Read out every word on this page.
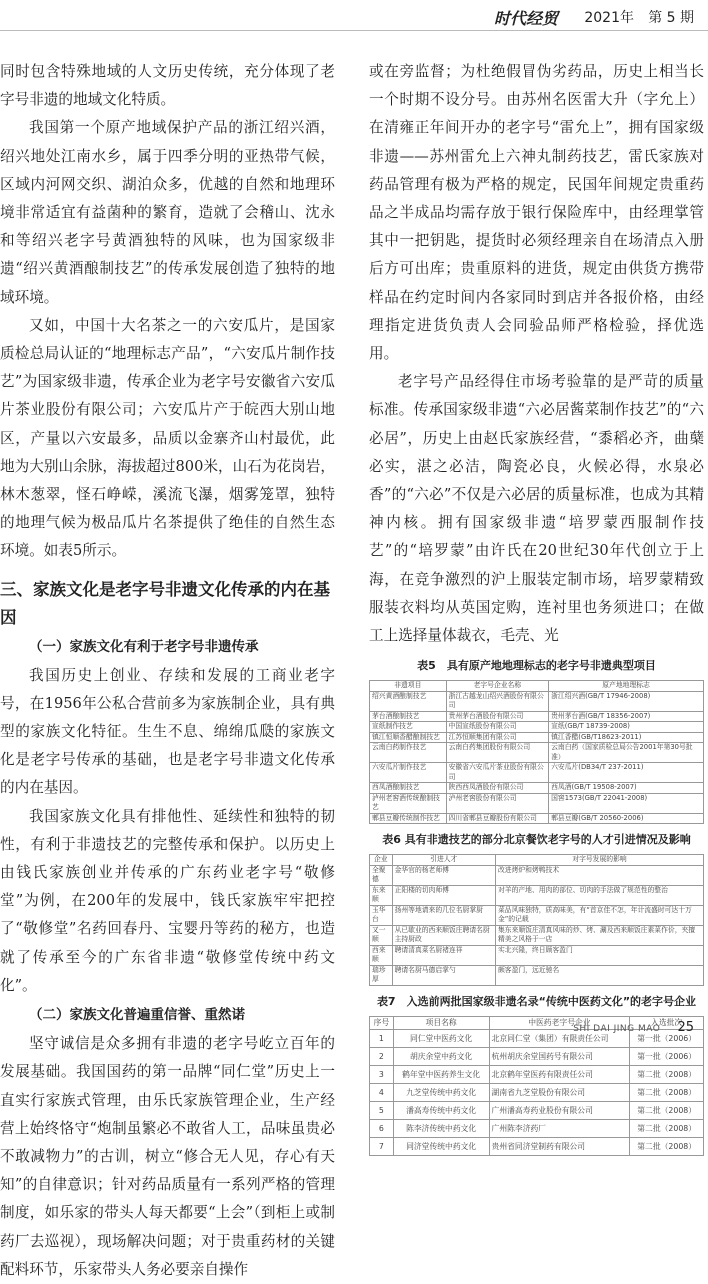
时代经贸 2021年 第 5 期

同时包含特殊地域的人文历史传统，充分体现了老字号非遗的地域文化特质。

我国第一个原产地域保护产品的浙江绍兴酒，绍兴地处江南水乡，属于四季分明的亚热带气候，区域内河网交织、湖泊众多，优越的自然和地理环境非常适宜有益菌种的繁育，造就了会稽山、沈永和等绍兴老字号黄酒独特的风味，也为国家级非遗“绍兴黄酒酿制技艺”的传承发展创造了独特的地域环境。

又如，中国十大名茶之一的六安瓜片，是国家质检总局认证的“地理标志产品”，“六安瓜片制作技艺”为国家级非遗，传承企业为老字号安徽省六安瓜片茶业股份有限公司；六安瓜片产于皖西大别山地区，产量以六安最多，品质以金寨齐山村最优，此地为大别山余脉，海拔超过800米，山石为花岗岩，林木葱翠，怪石峥嵘，溪流飞瀑，烟雾笼罩，独特的地理气候为极品瓜片名茶提供了绝佳的自然生态环境。如表5所示。

三、家族文化是老字号非遗文化传承的内在基因
（一）家族文化有利于老字号非遗传承

我国历史上创业、存续和发展的工商业老字号，在1956年公私合营前多为家族制企业，具有典型的家族文化特征。生生不息、绵绵瓜瓞的家族文化是老字号传承的基础，也是老字号非遗文化传承的内在基因。

我国家族文化具有排他性、延续性和独特的韧性，有利于非遗技艺的完整传承和保护。以历史上由钱氏家族创业并传承的广东药业老字号“敬修堂”为例，在200年的发展中，钱氏家族牢牢把控了“敬修堂”名药回春丹、宝婴丹等药的秘方，也造就了传承至今的广东省非遗“敬修堂传统中药文化”。

（二）家族文化普遍重信誉、重然诺

坚守诚信是众多拥有非遗的老字号屹立百年的发展基础。我国国药的第一品牌“同仁堂”历史上一直实行家族式管理，由乐氏家族管理企业，生产经营上始终恪守“炮制虽繁必不敢省人工，品味虽贵必不敢减物力”的古训，树立“修合无人见，存心有天知”的自律意识；针对药品质量有一系列严格的管理制度，如乐家的带头人每天都要“上会”（到柜上或制药厂去巡视），现场解决问题；对于贵重药材的关键配料环节，乐家带头人务必要亲自操作

或在旁监督；为杜绝假冒伪劣药品，历史上相当长一个时期不设分号。由苏州名医雷大升（字允上）在清雍正年间开办的老字号“雷允上”，拥有国家级非遗——苏州雷允上六神丸制药技艺，雷氏家族对药品管理有极为严格的规定，民国年间规定贵重药品之半成品均需存放于银行保险库中，由经理掌管其中一把钥匙，提货时必须经理亲自在场清点入册后方可出库；贵重原料的进货，规定由供货方携带样品在约定时间内各家同时到店并各报价格，由经理指定进货负责人会同验品师严格检验，择优选用。

老字号产品经得住市场考验靠的是严苛的质量标准。传承国家级非遗“六必居酱菜制作技艺”的“六必居”，历史上由赵氏家族经营，“黍稻必齐，曲蘖必实，湛之必洁，陶瓷必良，火候必得，水泉必香”的“六必”不仅是六必居的质量标准，也成为其精神内核。拥有国家级非遗“培罗蒙西服制作技艺”的“培罗蒙”由许氏在20世纪30年代创立于上海，在竞争激烈的沪上服装定制市场，培罗蒙精致服装衣料均从英国定购，连衬里也务须进口；在做工上选择量体裁衣，毛壳、光

表5　具有原产地地理标志的老字号非遗典型项目
非遗项目	老字号企业名称	原产地地理标志
绍兴黄酒酿制技艺	浙江古越龙山绍兴酒股份有限公司	浙江绍兴酒(GB/T 17946-2008)
茅台酒酿制技艺	贵州茅台酒股份有限公司	贵州茅台酒(GB/T 18356-2007)
宣纸制作技艺	中国宣纸股份有限公司	宣纸(GB/T 18739-2008)
镇江恒顺香醋酿制技艺	江苏恒顺集团有限公司	镇江香醋(GB/T18623-2011)
云南白药制作技艺	云南白药集团股份有限公司	云南白药（国家质检总局公告2001年第30号批准）
六安瓜片制作技艺	安徽省六安瓜片茶业股份有限公司	六安瓜片(DB34/T 237-2011)
西凤酒酿制技艺	陕西西凤酒股份有限公司	西凤酒(GB/T 19508-2007)
泸州老窖酒传统酿制技艺	泸州老窖股份有限公司	国窖1573(GB/T 22041-2008)
郫县豆瓣传统制作技艺	四川省郫县豆瓣股份有限公司	郫县豆瓣(GB/T 20560-2006)
表6 具有非遗技艺的部分北京餐饮老字号的人才引进情况及影响
企业	引进人才	对字号发展的影响
全聚德	金华官的杨老师傅	改进烤炉和烤鸭技术
东来顺	正阳楼的切肉师傅	对羊的产地、用肉的部位、切肉的手法做了规范性的整治
玉华台	扬州等地请来的几位名厨掌厨	菜品风味独特，质高味美，有“首京佳不怎，年计流盛时可达十万金”的记载
又一顺	从已歇业的西来顺饭庄聘请名厨主持厨政	集东来顺饭庄清真风味的炒、烤、涮及西来顺饭庄素菜作价，夹擅精美之风格于一店
西来顺	聘请清真菜名厨褚连祥	实北兴隆，终日顾客盈门
瑞珍厚	聘请名厨马德启掌勺	颇客盈门，远近驰名
表7　入选前两批国家级非遗名录“传统中医药文化”的老字号企业
序号	项目名称	中医药老字号企业	入选批次
1	同仁堂中医药文化	北京同仁堂（集团）有限责任公司	第一批（2006）
2	胡庆余堂中药文化	杭州胡庆余堂国药号有限公司	第一批（2006）
3	鹤年堂中医药养生文化	北京鹤年堂医药有限责任公司	第二批（2008）
4	九芝堂传统中药文化	湖南省九芝堂股份有限公司	第二批（2008）
5	潘高寿传统中药文化	广州潘高寿药业股份有限公司	第二批（2008）
6	陈李济传统中药文化	广州陈李济药厂	第二批（2008）
7	同济堂传统中药文化	贵州省同济堂制药有限公司	第二批（2008）
SHI DAI JING MAO 25
